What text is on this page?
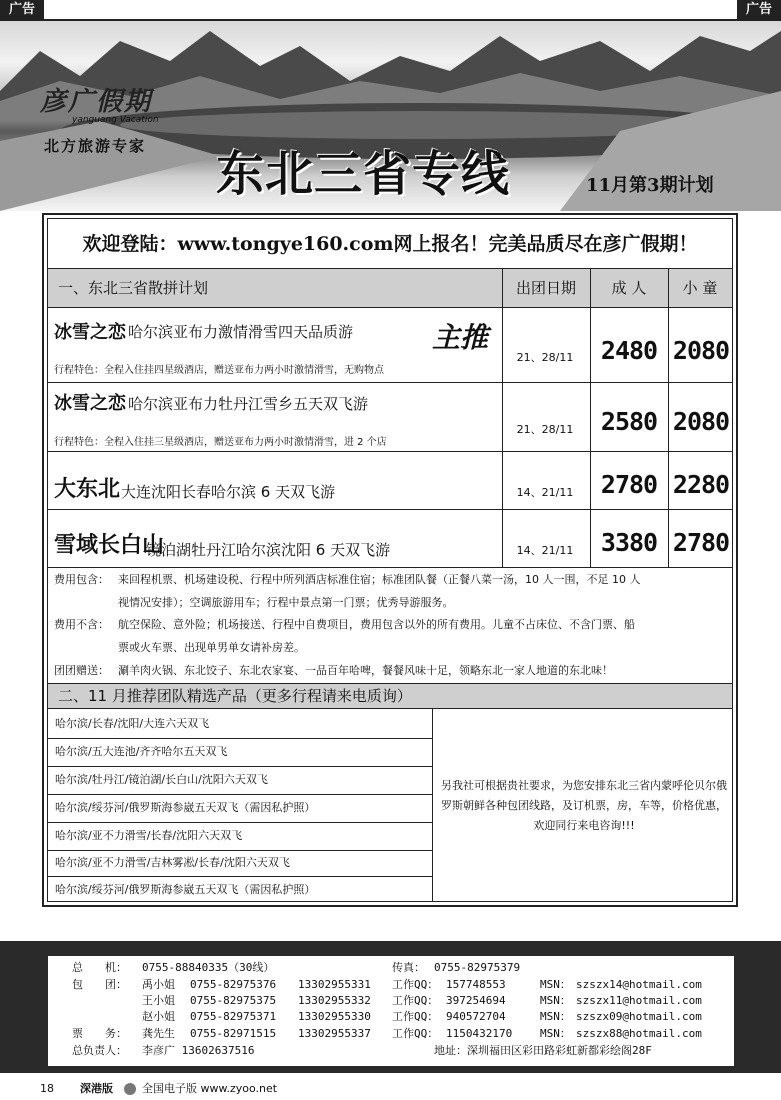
广告	广告
彦广假期
yanguang Vacation
北方旅游专家 东北三省专线	11月第3期计划
欢迎登陆：www.tongye160.com网上报名！完美品质尽在彦广假期！
一、东北三省散拼计划	出团日期	成 人	小 童
冰雪之恋 哈尔滨亚布力激情滑雪四天品质游	主推
行程特色：全程入住挂四星级酒店，赠送亚布力两小时激情滑雪，无购物点
21、28/11	2480 2080
冰雪之恋 哈尔滨亚布力牡丹江雪乡五天双飞游
行程特色：全程入住挂三星级酒店，赠送亚布力两小时激情滑雪，进 2 个店
21、28/11	2580 2080
大东北 大连沈阳长春哈尔滨 6 天双飞游	14、21/11	2780 2280
雪域长白山
镜泊湖牡丹江哈尔滨沈阳 6 天双飞游	14、21/11	3380 2780
费用包含： 来回程机票、机场建设税、行程中所列酒店标准住宿；标准团队餐（正餐八菜一汤，10 人一围，不足 10 人
视情况安排）；空调旅游用车；行程中景点第一门票；优秀导游服务。
费用不含： 航空保险、意外险；机场接送、行程中自费项目，费用包含以外的所有费用。儿童不占床位、不含门票、船
票或火车票、出现单男单女请补房差。
团团赠送： 涮羊肉火锅、东北饺子、东北农家宴、一品百年哈啤，餐餐风味十足，领略东北一家人地道的东北味！
二、11 月推荐团队精选产品（更多行程请来电质询）
哈尔滨/长春/沈阳/大连六天双飞
哈尔滨/五大连池/齐齐哈尔五天双飞
哈尔滨/牡丹江/镜泊湖/长白山/沈阳六天双飞
哈尔滨/绥芬河/俄罗斯海参崴五天双飞（需因私护照）
哈尔滨/亚不力滑雪/长春/沈阳六天双飞
哈尔滨/亚不力滑雪/吉林雾凇/长春/沈阳六天双飞
哈尔滨/绥芬河/俄罗斯海参崴五天双飞（需因私护照）
另我社可根据贵社要求，为您安排东北三省内蒙呼伦贝尔俄罗斯朝鲜各种包团线路，及订机票，房，车等，价格优惠，欢迎同行来电咨询!!!
总　　机： 0755-88840335（30线）	传真： 0755-82975379
包　　团： 禹小姐 0755-82975376 13302955331 工作QQ： 157748553	MSN： szszx14@hotmail.com
王小姐 0755-82975375 13302955332 工作QQ： 397254694	MSN： szszx11@hotmail.com
赵小姐 0755-82975371 13302955330 工作QQ： 940572704	MSN： szszx09@hotmail.com
票　　务： 龚先生 0755-82971515 13302955337 工作QQ： 1150432170	MSN： szszx88@hotmail.com
总负责人： 李彦广 13602637516	地址：深圳福田区彩田路彩虹新都彩绘阁28F
18 深港版	全国电子版 www.zyoo.net
